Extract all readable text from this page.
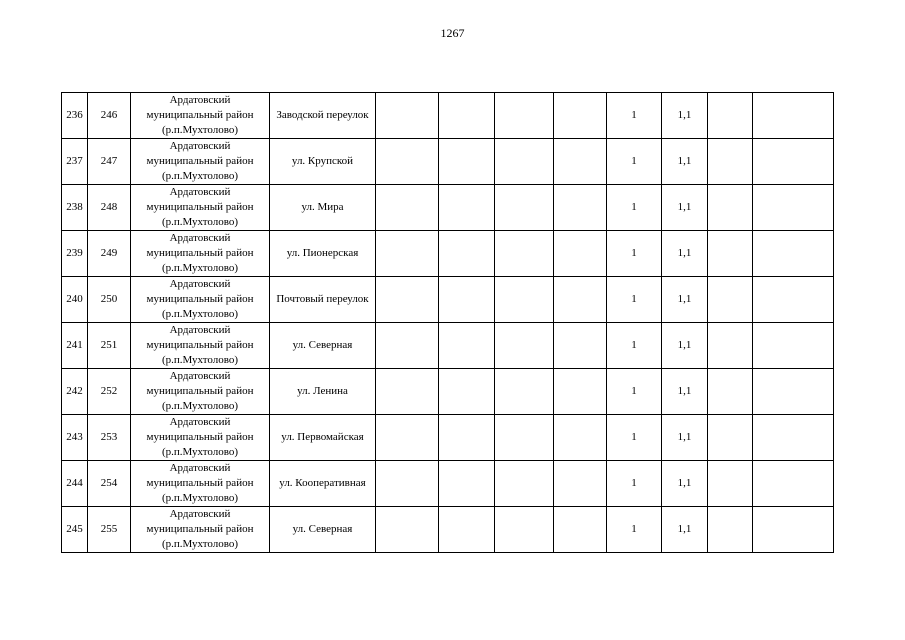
1267
236	246	Ардатовский
муниципальный район
(р.п.Мухтолово)	Заводской переулок					1	1,1		
237	247	Ардатовский
муниципальный район
(р.п.Мухтолово)	ул. Крупской					1	1,1		
238	248	Ардатовский
муниципальный район
(р.п.Мухтолово)	ул. Мира					1	1,1		
239	249	Ардатовский
муниципальный район
(р.п.Мухтолово)	ул. Пионерская					1	1,1		
240	250	Ардатовский
муниципальный район
(р.п.Мухтолово)	Почтовый переулок					1	1,1		
241	251	Ардатовский
муниципальный район
(р.п.Мухтолово)	ул. Северная					1	1,1		
242	252	Ардатовский
муниципальный район
(р.п.Мухтолово)	ул. Ленина					1	1,1		
243	253	Ардатовский
муниципальный район
(р.п.Мухтолово)	ул. Первомайская					1	1,1		
244	254	Ардатовский
муниципальный район
(р.п.Мухтолово)	ул. Кооперативная					1	1,1		
245	255	Ардатовский
муниципальный район
(р.п.Мухтолово)	ул. Северная					1	1,1		
